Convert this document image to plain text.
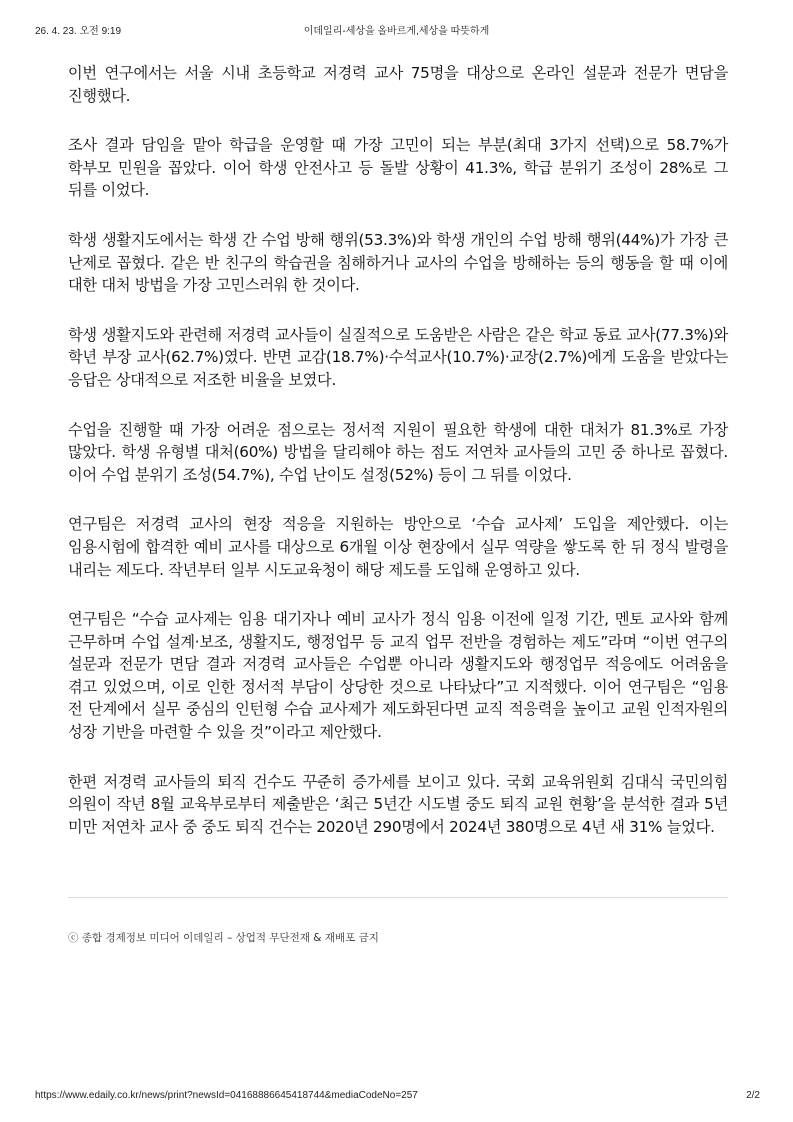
26. 4. 23. 오전 9:19	이데일리-세상을 올바르게,세상을 따뜻하게

이번 연구에서는 서울 시내 초등학교 저경력 교사 75명을 대상으로 온라인 설문과 전문가 면담을 진행했다.

조사 결과 담임을 맡아 학급을 운영할 때 가장 고민이 되는 부분(최대 3가지 선택)으로 58.7%가 학부모 민원을 꼽았다. 이어 학생 안전사고 등 돌발 상황이 41.3%, 학급 분위기 조성이 28%로 그 뒤를 이었다.

학생 생활지도에서는 학생 간 수업 방해 행위(53.3%)와 학생 개인의 수업 방해 행위(44%)가 가장 큰 난제로 꼽혔다. 같은 반 친구의 학습권을 침해하거나 교사의 수업을 방해하는 등의 행동을 할 때 이에 대한 대처 방법을 가장 고민스러워 한 것이다.

학생 생활지도와 관련해 저경력 교사들이 실질적으로 도움받은 사람은 같은 학교 동료 교사(77.3%)와 학년 부장 교사(62.7%)였다. 반면 교감(18.7%)·수석교사(10.7%)·교장(2.7%)에게 도움을 받았다는 응답은 상대적으로 저조한 비율을 보였다.

수업을 진행할 때 가장 어려운 점으로는 정서적 지원이 필요한 학생에 대한 대처가 81.3%로 가장 많았다. 학생 유형별 대처(60%) 방법을 달리해야 하는 점도 저연차 교사들의 고민 중 하나로 꼽혔다. 이어 수업 분위기 조성(54.7%), 수업 난이도 설정(52%) 등이 그 뒤를 이었다.

연구팀은 저경력 교사의 현장 적응을 지원하는 방안으로 ‘수습 교사제’ 도입을 제안했다. 이는 임용시험에 합격한 예비 교사를 대상으로 6개월 이상 현장에서 실무 역량을 쌓도록 한 뒤 정식 발령을 내리는 제도다. 작년부터 일부 시도교육청이 해당 제도를 도입해 운영하고 있다.

연구팀은 “수습 교사제는 임용 대기자나 예비 교사가 정식 임용 이전에 일정 기간, 멘토 교사와 함께 근무하며 수업 설계·보조, 생활지도, 행정업무 등 교직 업무 전반을 경험하는 제도”라며 “이번 연구의 설문과 전문가 면담 결과 저경력 교사들은 수업뿐 아니라 생활지도와 행정업무 적응에도 어려움을 겪고 있었으며, 이로 인한 정서적 부담이 상당한 것으로 나타났다”고 지적했다. 이어 연구팀은 “임용 전 단계에서 실무 중심의 인턴형 수습 교사제가 제도화된다면 교직 적응력을 높이고 교원 인적자원의 성장 기반을 마련할 수 있을 것”이라고 제안했다.

한편 저경력 교사들의 퇴직 건수도 꾸준히 증가세를 보이고 있다. 국회 교육위원회 김대식 국민의힘 의원이 작년 8월 교육부로부터 제출받은 ‘최근 5년간 시도별 중도 퇴직 교원 현황’을 분석한 결과 5년 미만 저연차 교사 중 중도 퇴직 건수는 2020년 290명에서 2024년 380명으로 4년 새 31% 늘었다.

ⓒ 종합 경제정보 미디어 이데일리 – 상업적 무단전재 & 재배포 금지
https://www.edaily.co.kr/news/print?newsId=04168886645418744&mediaCodeNo=257	2/2
